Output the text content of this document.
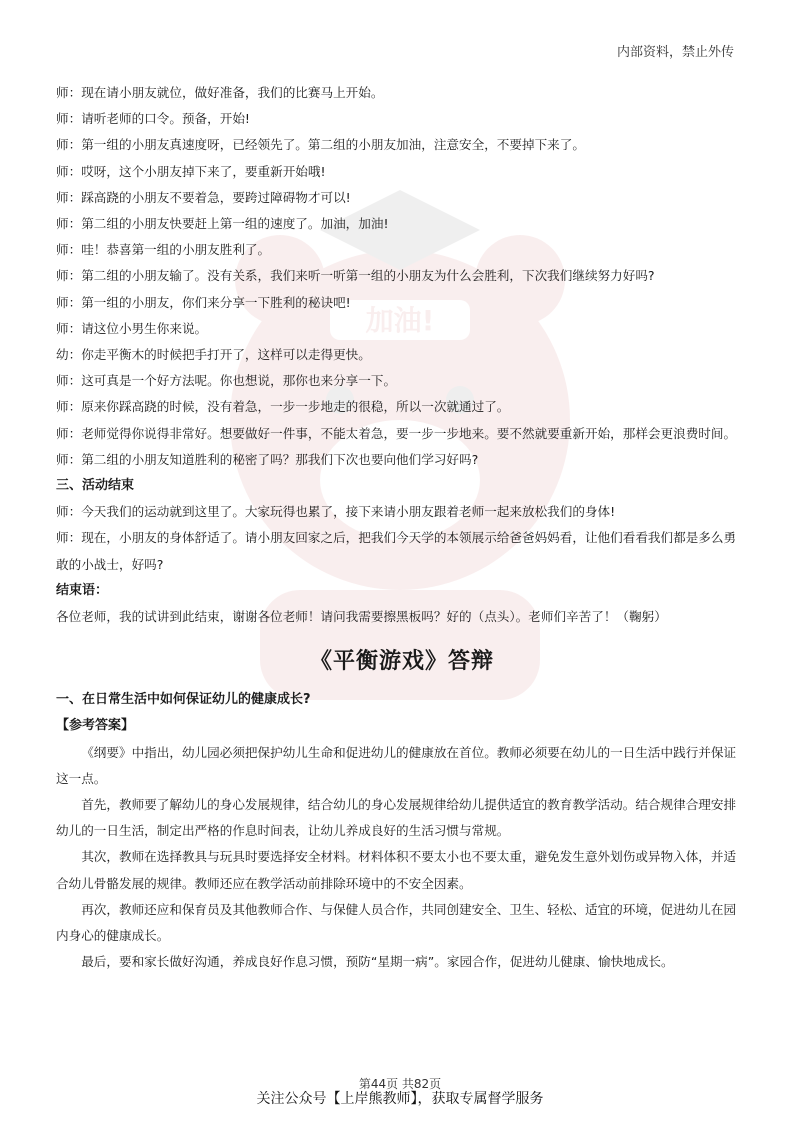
加油!
内部资料，禁止外传

师：现在请小朋友就位，做好准备，我们的比赛马上开始。

师：请听老师的口令。预备，开始!

师：第一组的小朋友真速度呀，已经领先了。第二组的小朋友加油，注意安全，不要掉下来了。

师：哎呀，这个小朋友掉下来了，要重新开始哦!

师：踩高跷的小朋友不要着急，要跨过障碍物才可以!

师：第二组的小朋友快要赶上第一组的速度了。加油，加油!

师：哇！恭喜第一组的小朋友胜利了。

师：第二组的小朋友输了。没有关系，我们来听一听第一组的小朋友为什么会胜利，下次我们继续努力好吗?

师：第一组的小朋友，你们来分享一下胜利的秘诀吧!

师：请这位小男生你来说。

幼：你走平衡木的时候把手打开了，这样可以走得更快。

师：这可真是一个好方法呢。你也想说，那你也来分享一下。

师：原来你踩高跷的时候，没有着急，一步一步地走的很稳，所以一次就通过了。

师：老师觉得你说得非常好。想要做好一件事，不能太着急，要一步一步地来。要不然就要重新开始，那样会更浪费时间。

师：第二组的小朋友知道胜利的秘密了吗？那我们下次也要向他们学习好吗?

三、活动结束

师：今天我们的运动就到这里了。大家玩得也累了，接下来请小朋友跟着老师一起来放松我们的身体!

师：现在，小朋友的身体舒适了。请小朋友回家之后，把我们今天学的本领展示给爸爸妈妈看，让他们看看我们都是多么勇敢的小战士，好吗?

结束语：

各位老师，我的试讲到此结束，谢谢各位老师！请问我需要擦黑板吗？好的（点头）。老师们辛苦了！（鞠躬）

《平衡游戏》答辩

一、在日常生活中如何保证幼儿的健康成长?

【参考答案】

《纲要》中指出，幼儿园必须把保护幼儿生命和促进幼儿的健康放在首位。教师必须要在幼儿的一日生活中践行并保证这一点。

首先，教师要了解幼儿的身心发展规律，结合幼儿的身心发展规律给幼儿提供适宜的教育教学活动。结合规律合理安排幼儿的一日生活，制定出严格的作息时间表，让幼儿养成良好的生活习惯与常规。

其次，教师在选择教具与玩具时要选择安全材料。材料体积不要太小也不要太重，避免发生意外划伤或异物入体，并适合幼儿骨骼发展的规律。教师还应在教学活动前排除环境中的不安全因素。

再次，教师还应和保育员及其他教师合作、与保健人员合作，共同创建安全、卫生、轻松、适宜的环境，促进幼儿在园内身心的健康成长。

最后，要和家长做好沟通，养成良好作息习惯，预防“星期一病”。家园合作，促进幼儿健康、愉快地成长。

第44页 共82页
关注公众号【上岸熊教师】，获取专属督学服务
